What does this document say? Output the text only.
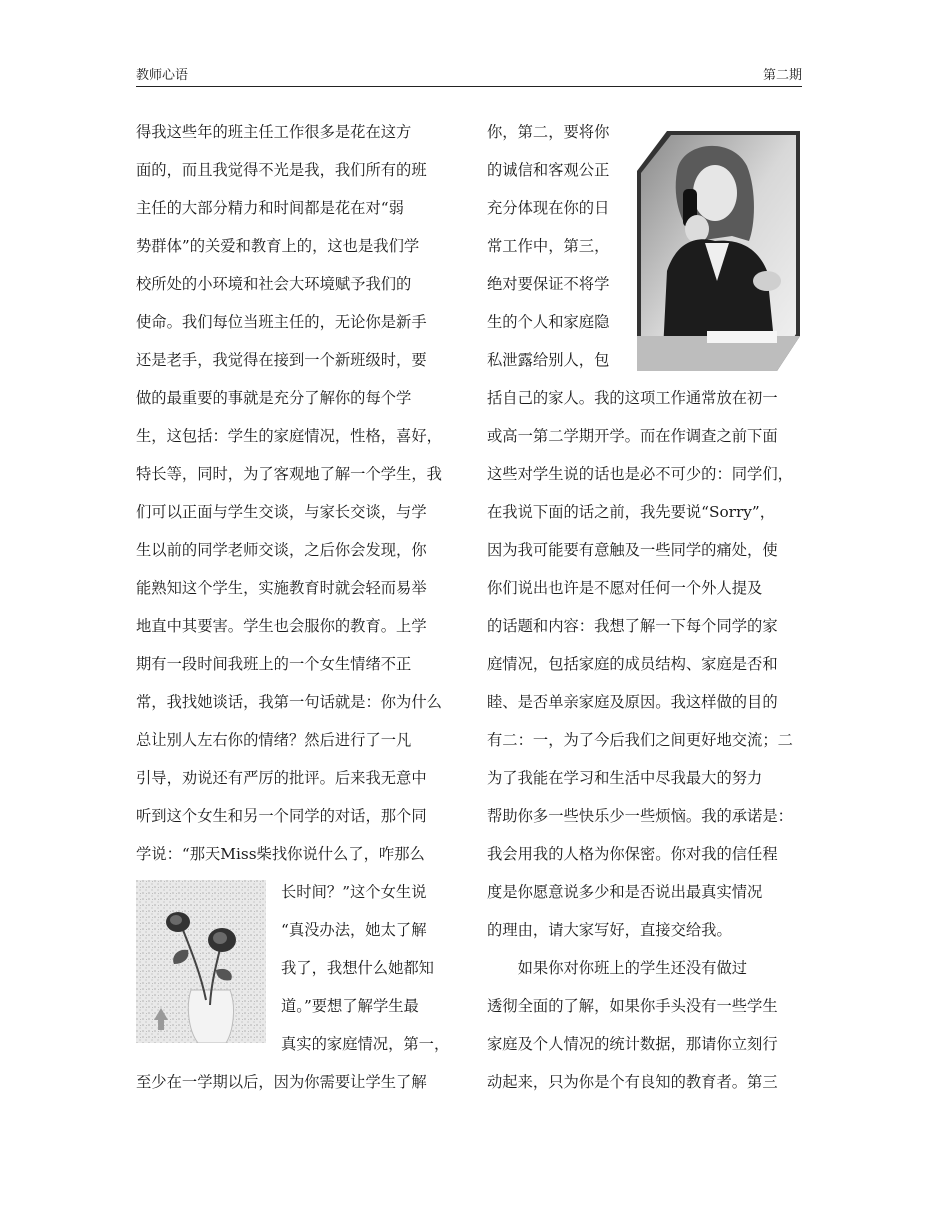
教师心语	第二期
得我这些年的班主任工作很多是花在这方
面的，而且我觉得不光是我，我们所有的班
主任的大部分精力和时间都是花在对“弱
势群体”的关爱和教育上的，这也是我们学
校所处的小环境和社会大环境赋予我们的
使命。我们每位当班主任的，无论你是新手
还是老手，我觉得在接到一个新班级时，要
做的最重要的事就是充分了解你的每个学
生，这包括：学生的家庭情况，性格，喜好，
特长等，同时，为了客观地了解一个学生，我
们可以正面与学生交谈，与家长交谈，与学
生以前的同学老师交谈，之后你会发现，你
能熟知这个学生，实施教育时就会轻而易举
地直中其要害。学生也会服你的教育。上学
期有一段时间我班上的一个女生情绪不正
常，我找她谈话，我第一句话就是：你为什么
总让别人左右你的情绪？然后进行了一凡
引导，劝说还有严厉的批评。后来我无意中
听到这个女生和另一个同学的对话，那个同
学说：“那天Miss柴找你说什么了，咋那么
长时间？”这个女生说
“真没办法，她太了解
我了，我想什么她都知
道。”要想了解学生最
真实的家庭情况，第一，
至少在一学期以后，因为你需要让学生了解
你，第二，要将你
的诚信和客观公正
充分体现在你的日
常工作中，第三，
绝对要保证不将学
生的个人和家庭隐
私泄露给别人，包
括自己的家人。我的这项工作通常放在初一
或高一第二学期开学。而在作调查之前下面
这些对学生说的话也是必不可少的：同学们，
在我说下面的话之前，我先要说“Sorry”，
因为我可能要有意触及一些同学的痛处，使
你们说出也许是不愿对任何一个外人提及
的话题和内容：我想了解一下每个同学的家
庭情况，包括家庭的成员结构、家庭是否和
睦、是否单亲家庭及原因。我这样做的目的
有二：一，为了今后我们之间更好地交流；二
为了我能在学习和生活中尽我最大的努力
帮助你多一些快乐少一些烦恼。我的承诺是：
我会用我的人格为你保密。你对我的信任程
度是你愿意说多少和是否说出最真实情况
的理由，请大家写好，直接交给我。
　　如果你对你班上的学生还没有做过
透彻全面的了解，如果你手头没有一些学生
家庭及个人情况的统计数据，那请你立刻行
动起来，只为你是个有良知的教育者。第三
